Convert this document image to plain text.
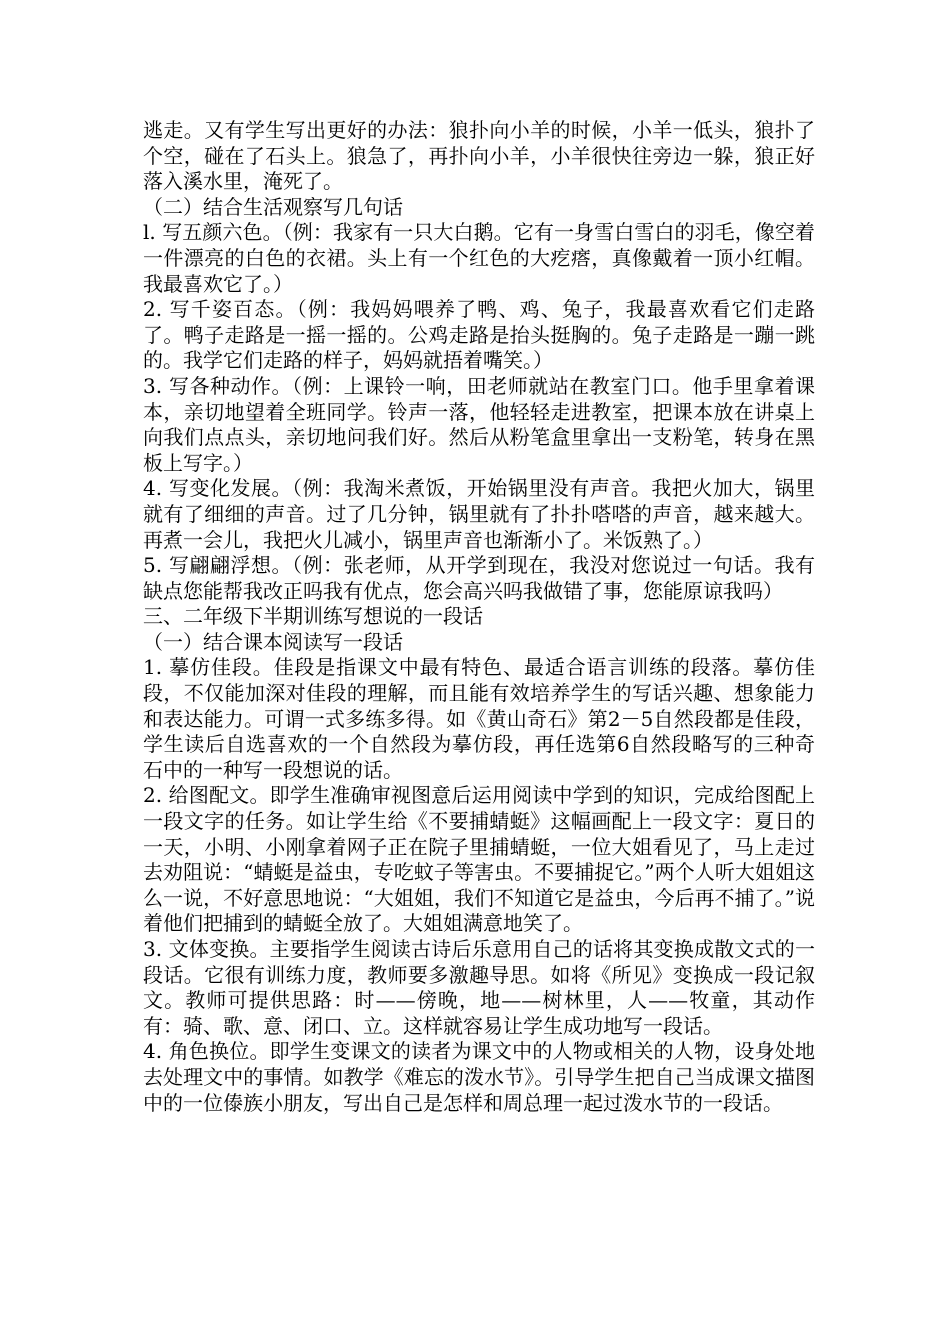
逃走。又有学生写出更好的办法：狼扑向小羊的时候，小羊一低头，狼扑了个空，碰在了石头上。狼急了，再扑向小羊，小羊很快往旁边一躲，狼正好落入溪水里，淹死了。

（二）结合生活观察写几句话

l. 写五颜六色。（例：我家有一只大白鹅。它有一身雪白雪白的羽毛，像空着一件漂亮的白色的衣裙。头上有一个红色的大疙瘩，真像戴着一顶小红帽。我最喜欢它了。）

2. 写千姿百态。（例：我妈妈喂养了鸭、鸡、兔子，我最喜欢看它们走路了。鸭子走路是一摇一摇的。公鸡走路是抬头挺胸的。兔子走路是一蹦一跳的。我学它们走路的样子，妈妈就捂着嘴笑。）

3. 写各种动作。（例：上课铃一响，田老师就站在教室门口。他手里拿着课本，亲切地望着全班同学。铃声一落，他轻轻走进教室，把课本放在讲桌上向我们点点头，亲切地问我们好。然后从粉笔盒里拿出一支粉笔，转身在黑板上写字。）

4. 写变化发展。（例：我淘米煮饭，开始锅里没有声音。我把火加大，锅里就有了细细的声音。过了几分钟，锅里就有了扑扑嗒嗒的声音，越来越大。再煮一会儿，我把火儿减小，锅里声音也渐渐小了。米饭熟了。）

5. 写翩翩浮想。（例：张老师，从开学到现在，我没对您说过一句话。我有缺点您能帮我改正吗我有优点，您会高兴吗我做错了事，您能原谅我吗）

三、二年级下半期训练写想说的一段话

（一）结合课本阅读写一段话

1. 摹仿佳段。佳段是指课文中最有特色、最适合语言训练的段落。摹仿佳段，不仅能加深对佳段的理解，而且能有效培养学生的写话兴趣、想象能力和表达能力。可谓一式多练多得。如《黄山奇石》第2－5自然段都是佳段，学生读后自选喜欢的一个自然段为摹仿段，再任选第6自然段略写的三种奇石中的一种写一段想说的话。

2. 给图配文。即学生准确审视图意后运用阅读中学到的知识，完成给图配上一段文字的任务。如让学生给《不要捕蜻蜓》这幅画配上一段文字：夏日的一天，小明、小刚拿着网子正在院子里捕蜻蜓，一位大姐看见了，马上走过去劝阻说：“蜻蜓是益虫，专吃蚊子等害虫。不要捕捉它。”两个人听大姐姐这么一说，不好意思地说：“大姐姐，我们不知道它是益虫，今后再不捕了。”说着他们把捕到的蜻蜓全放了。大姐姐满意地笑了。

3. 文体变换。主要指学生阅读古诗后乐意用自己的话将其变换成散文式的一段话。它很有训练力度，教师要多激趣导思。如将《所见》变换成一段记叙文。教师可提供思路：时——傍晚，地——树林里，人——牧童，其动作有：骑、歌、意、闭口、立。这样就容易让学生成功地写一段话。

4. 角色换位。即学生变课文的读者为课文中的人物或相关的人物，设身处地去处理文中的事情。如教学《难忘的泼水节》。引导学生把自己当成课文描图中的一位傣族小朋友，写出自己是怎样和周总理一起过泼水节的一段话。
